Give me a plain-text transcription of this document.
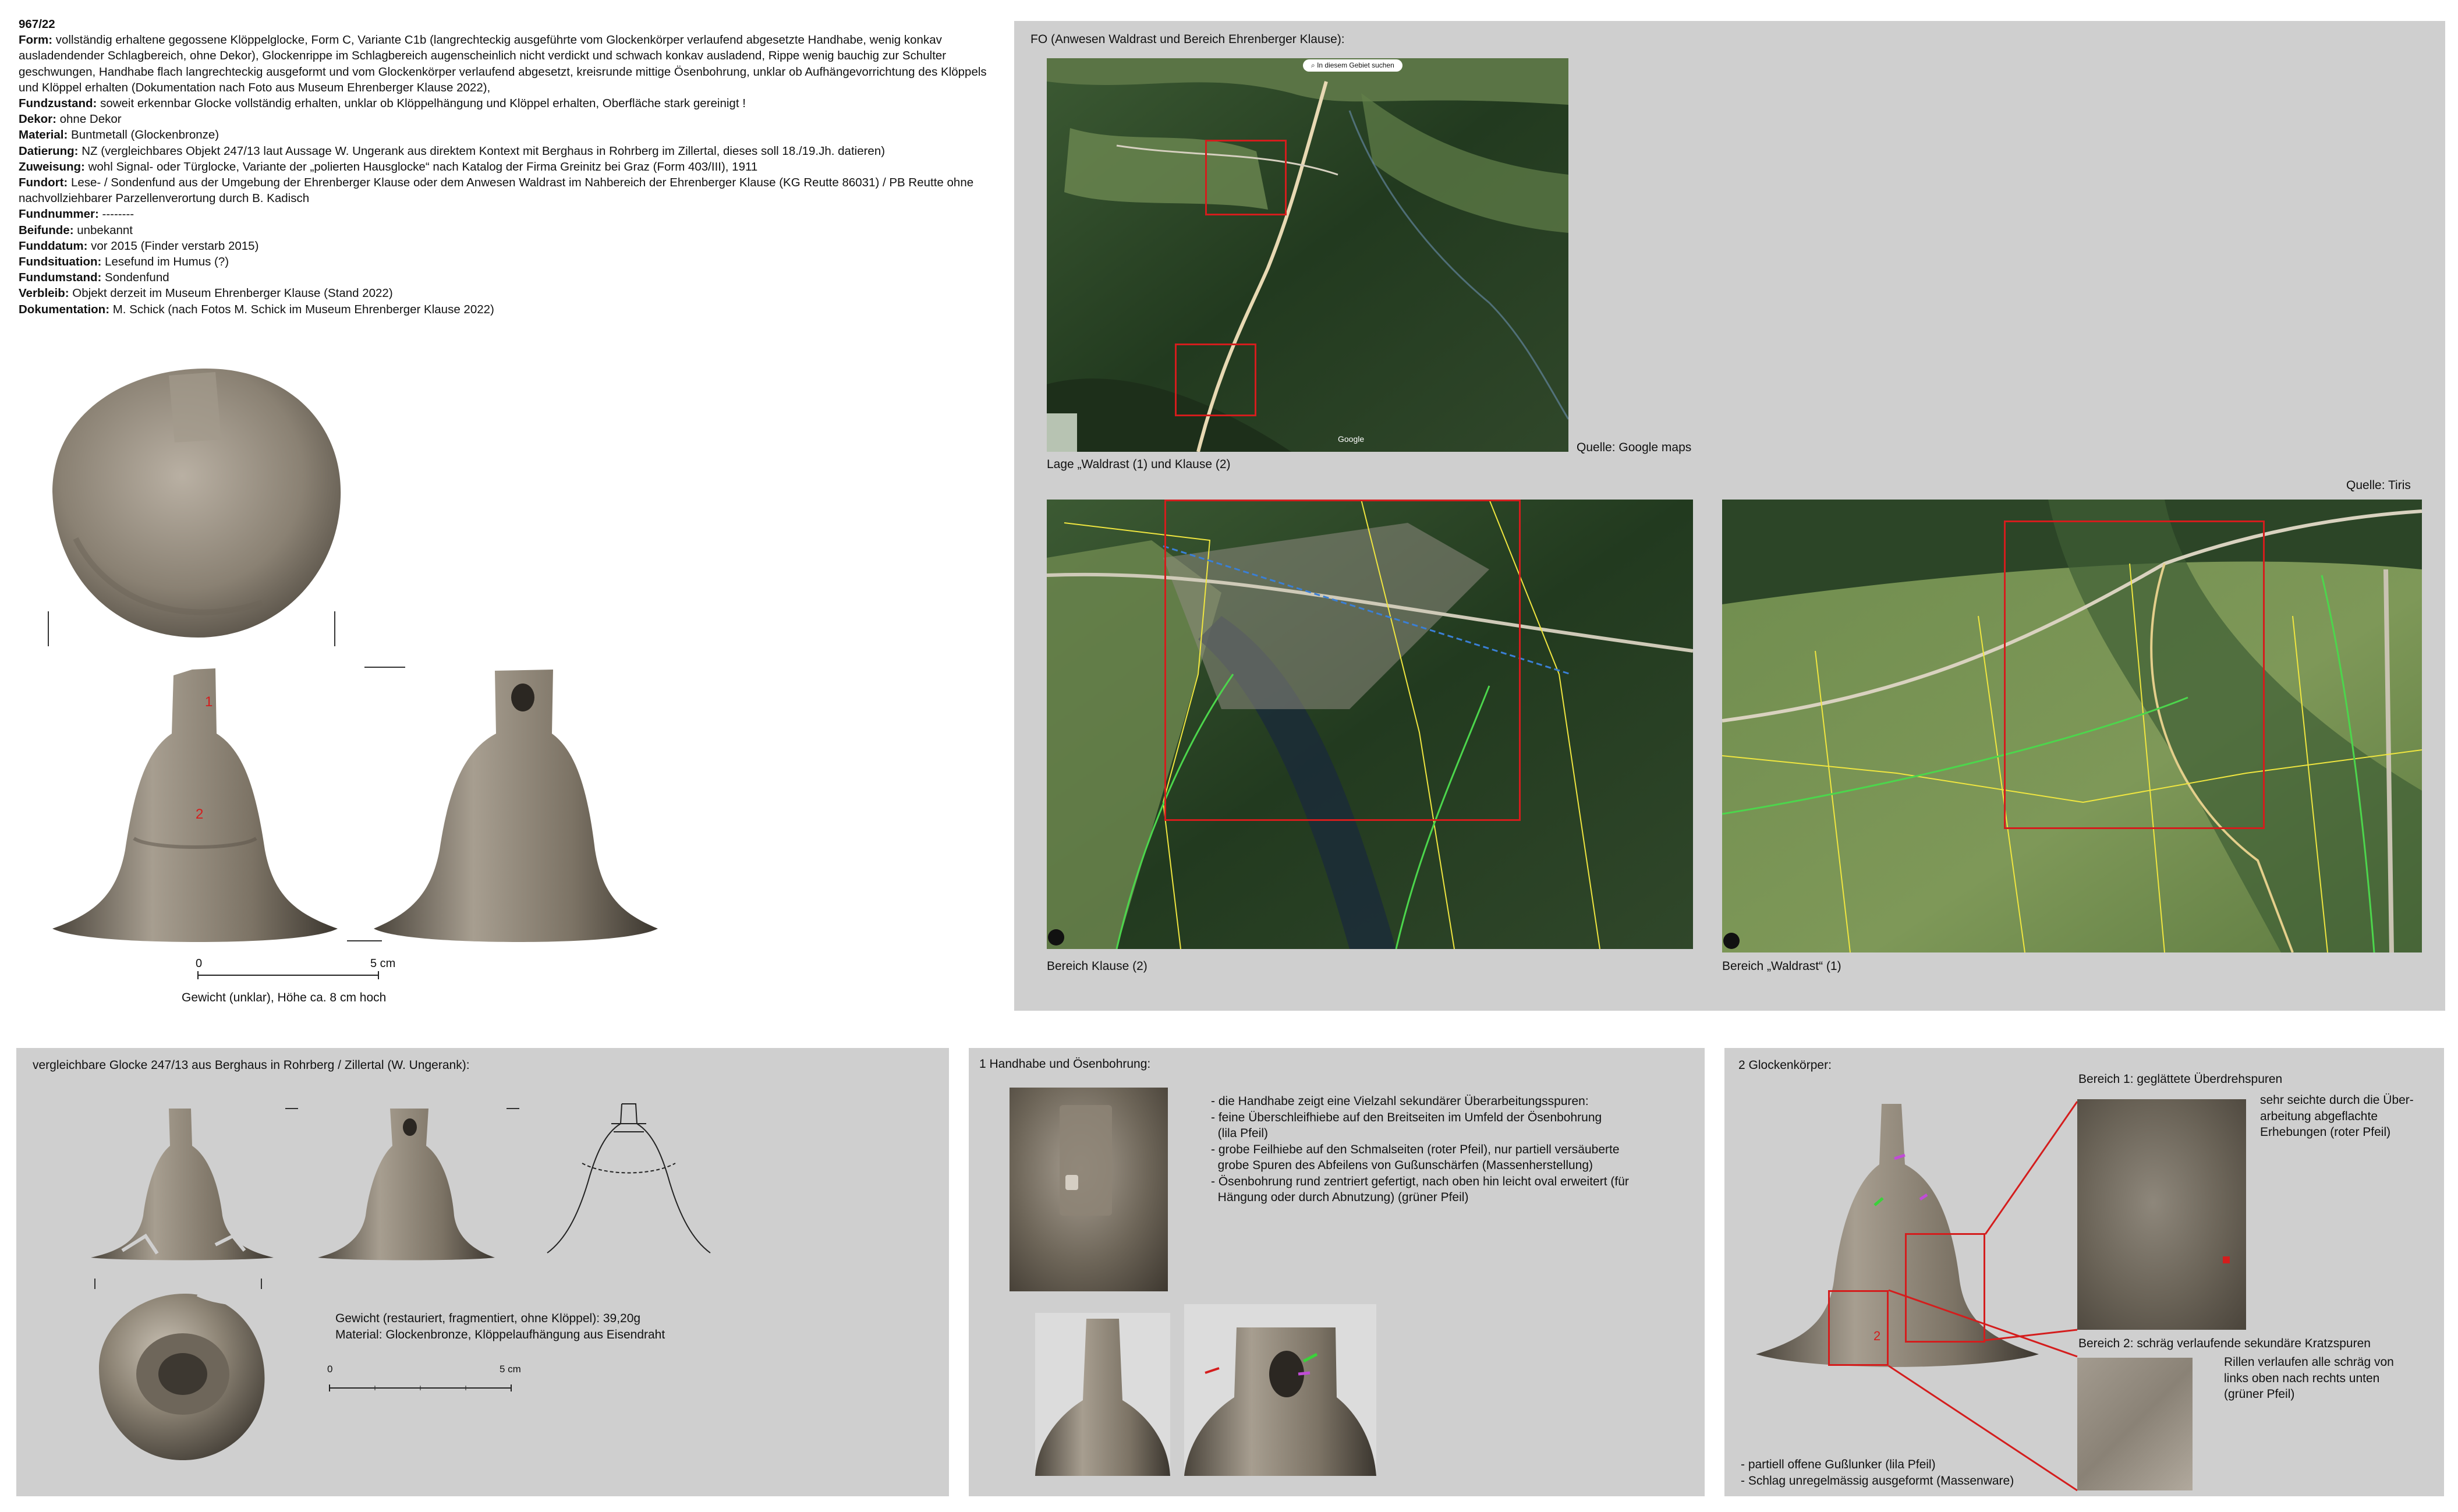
967/22

Form: vollständig erhaltene gegossene Klöppelglocke, Form C, Variante C1b (langrechteckig ausgeführte vom Glockenkörper verlaufend abgesetzte Handhabe, wenig konkav ausladendender Schlagbereich, ohne Dekor), Glockenrippe im Schlagbereich augenscheinlich nicht verdickt und schwach konkav ausladend, Rippe wenig bauchig zur Schulter geschwungen, Handhabe flach langrechteckig ausgeformt und vom Glockenkörper verlaufend abgesetzt, kreisrunde mittige Ösenbohrung, unklar ob Aufhängevorrichtung des Klöppels und Klöppel erhalten (Dokumentation nach Foto aus Museum Ehrenberger Klause 2022),

Fundzustand: soweit erkennbar Glocke vollständig erhalten, unklar ob Klöppelhängung und Klöppel erhalten, Oberfläche stark gereinigt !

Dekor: ohne Dekor

Material: Buntmetall (Glockenbronze)

Datierung: NZ (vergleichbares Objekt 247/13 laut Aussage W. Ungerank aus direktem Kontext mit Berghaus in Rohrberg im Zillertal, dieses soll 18./19.Jh. datieren)

Zuweisung: wohl Signal- oder Türglocke, Variante der „polierten Hausglocke“ nach Katalog der Firma Greinitz bei Graz (Form 403/III), 1911

Fundort: Lese- / Sondenfund aus der Umgebung der Ehrenberger Klause oder dem Anwesen Waldrast im Nahbereich der Ehrenberger Klause (KG Reutte 86031) / PB Reutte ohne nachvollziehbarer Parzellenverortung durch B. Kadisch

Fundnummer: --------

Beifunde: unbekannt

Funddatum: vor 2015 (Finder verstarb 2015)

Fundsituation: Lesefund im Humus (?)

Fundumstand: Sondenfund

Verbleib: Objekt derzeit im Museum Ehrenberger Klause (Stand 2022)

Dokumentation: M. Schick (nach Fotos M. Schick im Museum Ehrenberger Klause 2022)

1
2
0	5 cm
Gewicht (unklar), Höhe ca. 8 cm hoch
FO (Anwesen Waldrast und Bereich Ehrenberger Klause):
⌕ In diesem Gebiet suchen
Google
Lage „Waldrast (1) und Klause (2)
Quelle: Google maps
Quelle: Tiris
Bereich Klause (2)	Bereich „Waldrast“ (1)
vergleichbare Glocke 247/13 aus Berghaus in Rohrberg / Zillertal (W. Ungerank):
Gewicht (restauriert, fragmentiert, ohne Klöppel): 39,20g
Material: Glockenbronze, Klöppelaufhängung aus Eisendraht
0	5 cm
1 Handhabe und Ösenbohrung:

- die Handhabe zeigt eine Vielzahl sekundärer Überarbeitungsspuren:

- feine Überschleifhiebe auf den Breitseiten im Umfeld der Ösenbohrung

(lila Pfeil)

- grobe Feilhiebe auf den Schmalseiten (roter Pfeil), nur partiell versäuberte

grobe Spuren des Abfeilens von Gußunschärfen (Massenherstellung)

- Ösenbohrung rund zentriert gefertigt, nach oben hin leicht oval erweitert (für

Hängung oder durch Abnutzung) (grüner Pfeil)

2 Glockenkörper:
2
Bereich 1: geglättete Überdrehspuren

sehr seichte durch die Über-

arbeitung abgeflachte

Erhebungen (roter Pfeil)

Bereich 2: schräg verlaufende sekundäre Kratzspuren

Rillen verlaufen alle schräg von

links oben nach rechts unten

(grüner Pfeil)

- partiell offene Gußlunker (lila Pfeil)

- Schlag unregelmässig ausgeformt (Massenware)
